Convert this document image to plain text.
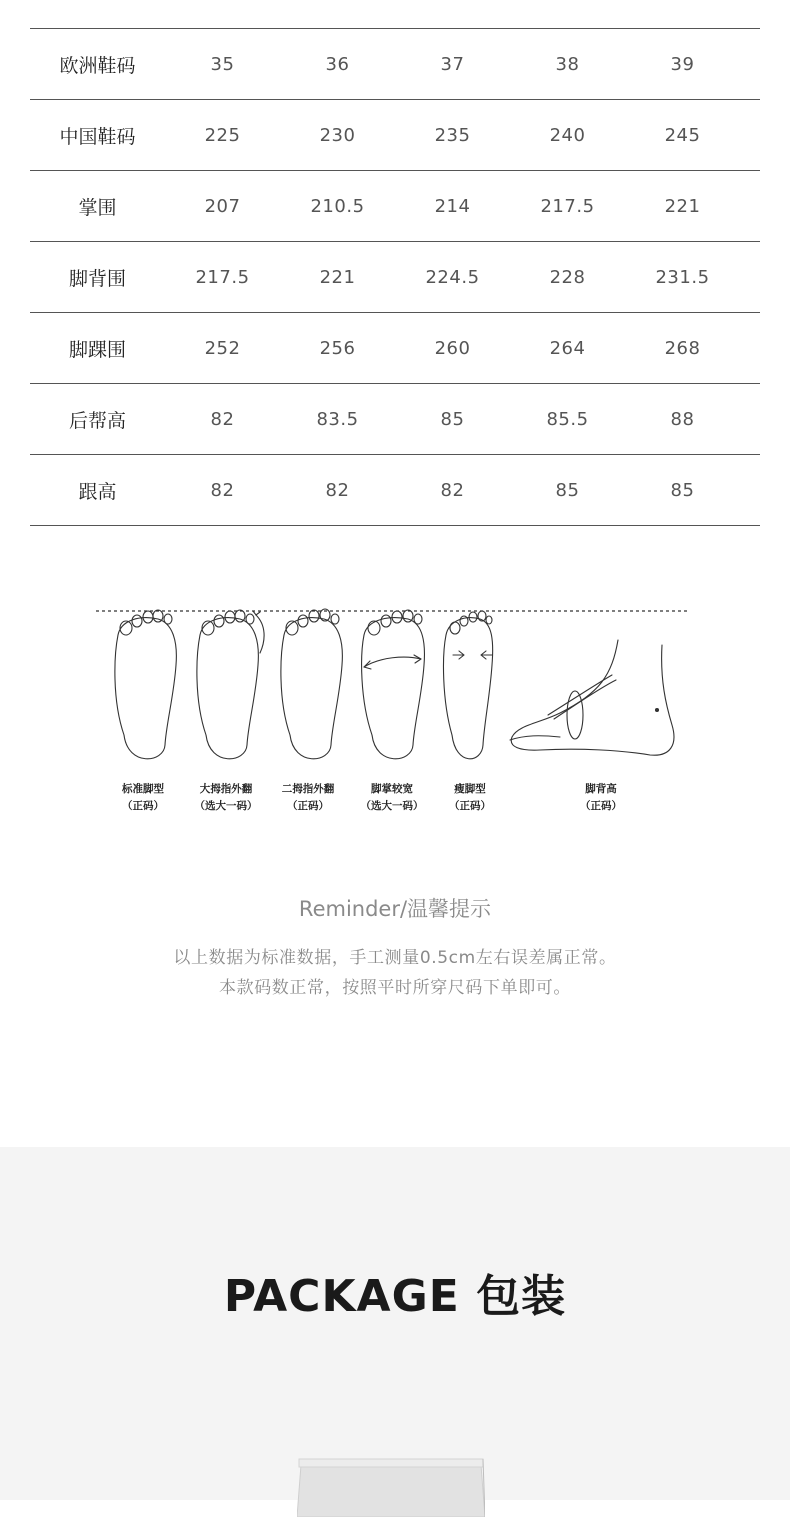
欧洲鞋码	35	36	37	38	39
中国鞋码	225	230	235	240	245
掌围	207	210.5	214	217.5	221
脚背围	217.5	221	224.5	228	231.5
脚踝围	252	256	260	264	268
后帮高	82	83.5	85	85.5	88
跟高	82	82	82	85	85
标准脚型
（正码）
大拇指外翻
（选大一码）
二拇指外翻
（正码）
脚掌较宽
（选大一码）
瘦脚型
（正码）
脚背高
（正码）
Reminder/温馨提示
以上数据为标准数据，手工测量0.5cm左右误差属正常。
本款码数正常，按照平时所穿尺码下单即可。
PACKAGE 包装
